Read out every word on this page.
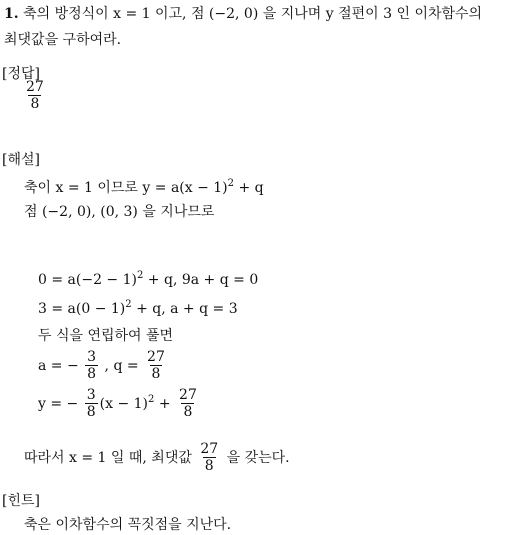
1. 축의 방정식이 x = 1 이고, 점 (−2, 0) 을 지나며 y 절편이 3 인 이차함수의
최댓값을 구하여라.
[정답]
$\frac{27}{8}$
[해설]
축이 x = 1 이므로 $y = a(x - 1)^2 + q$
점 (−2, 0), (0, 3) 을 지나므로
$0 = a(-2 - 1)^2 + q$, 9a + q = 0
$3 = a(0 - 1)^2 + q$, a + q = 3
두 식을 연립하여 풀면
a = − $\frac{3}{8}$ , $q = \frac{27}{8}$
y = − $\frac{3}{8} (x - 1)^2 + \frac{27}{8}$
따라서 x = 1 일 때, 최댓값 $\frac{27}{8}$ 을 갖는다.
[힌트]
축은 이차함수의 꼭짓점을 지난다.
